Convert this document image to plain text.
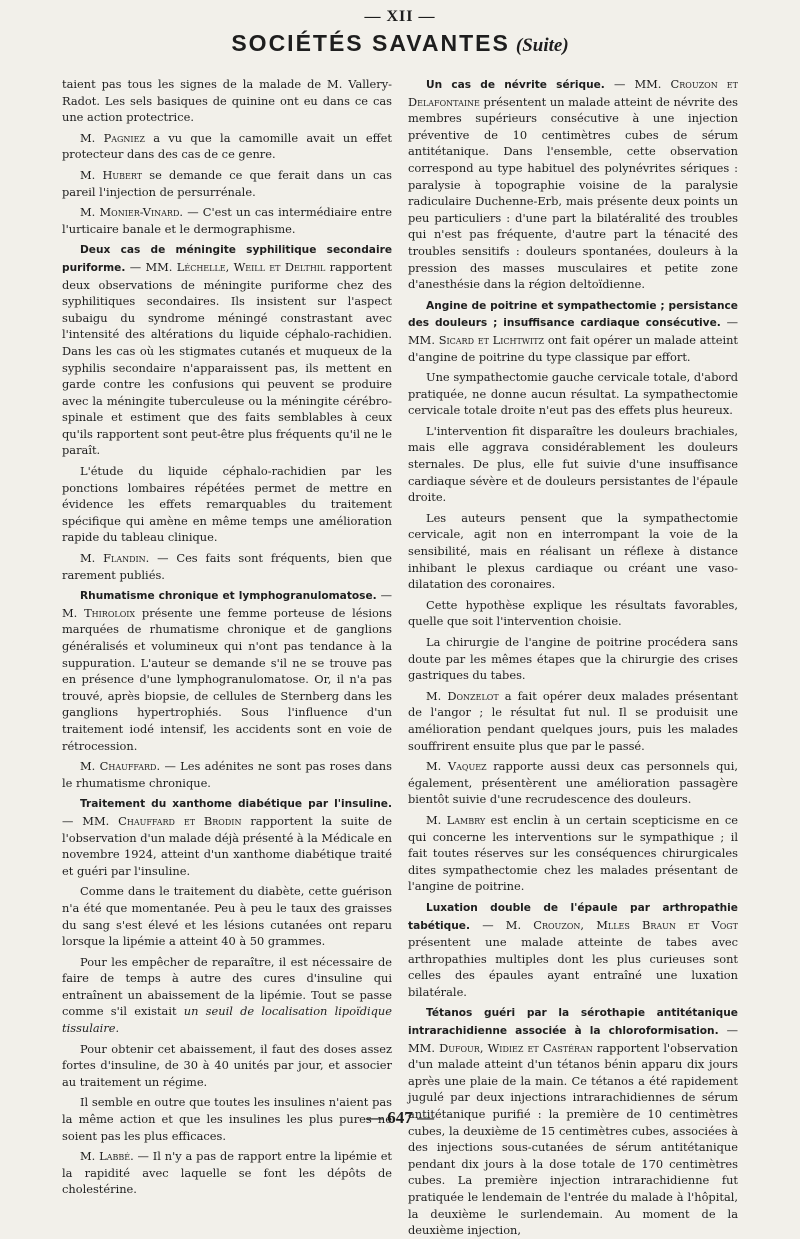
— XII —
SOCIÉTÉS SAVANTES (Suite)

taient pas tous les signes de la malade de M. Vallery-Radot. Les sels basiques de quinine ont eu dans ce cas une action protectrice.

M. Pagniez a vu que la camomille avait un effet protecteur dans des cas de ce genre.

M. Hubert se demande ce que ferait dans un cas pareil l'injection de persurrénale.

M. Monier-Vinard. — C'est un cas intermédiaire entre l'urticaire banale et le dermographisme.

Deux cas de méningite syphilitique secondaire puriforme. — MM. Léchelle, Weill et Delthil rapportent deux observations de méningite puriforme chez des syphilitiques secondaires. Ils insistent sur l'aspect subaigu du syndrome méningé constrastant avec l'intensité des altérations du liquide céphalo-rachidien. Dans les cas où les stigmates cutanés et muqueux de la syphilis secondaire n'apparaissent pas, ils mettent en garde contre les confusions qui peuvent se produire avec la méningite tuberculeuse ou la méningite cérébro-spinale et estiment que des faits semblables à ceux qu'ils rapportent sont peut-être plus fréquents qu'il ne le paraît.

L'étude du liquide céphalo-rachidien par les ponctions lombaires répétées permet de mettre en évidence les effets remarquables du traitement spécifique qui amène en même temps une amélioration rapide du tableau clinique.

M. Flandin. — Ces faits sont fréquents, bien que rarement publiés.

Rhumatisme chronique et lymphogranulomatose. — M. Thiroloix présente une femme porteuse de lésions marquées de rhumatisme chronique et de ganglions généralisés et volumineux qui n'ont pas tendance à la suppuration. L'auteur se demande s'il ne se trouve pas en présence d'une lymphogranulomatose. Or, il n'a pas trouvé, après biopsie, de cellules de Sternberg dans les ganglions hypertrophiés. Sous l'influence d'un traitement iodé intensif, les accidents sont en voie de rétrocession.

M. Chauffard. — Les adénites ne sont pas roses dans le rhumatisme chronique.

Traitement du xanthome diabétique par l'insuline. — MM. Chauffard et Brodin rapportent la suite de l'observation d'un malade déjà présenté à la Médicale en novembre 1924, atteint d'un xanthome diabétique traité et guéri par l'insuline.

Comme dans le traitement du diabète, cette guérison n'a été que momentanée. Peu à peu le taux des graisses du sang s'est élevé et les lésions cutanées ont reparu lorsque la lipémie a atteint 40 à 50 grammes.

Pour les empêcher de reparaître, il est nécessaire de faire de temps à autre des cures d'insuline qui entraînent un abaissement de la lipémie. Tout se passe comme s'il existait un seuil de localisation lipoïdique tissulaire.

Pour obtenir cet abaissement, il faut des doses assez fortes d'insuline, de 30 à 40 unités par jour, et associer au traitement un régime.

Il semble en outre que toutes les insulines n'aient pas la même action et que les insulines les plus pures ne soient pas les plus efficaces.

M. Labbé. — Il n'y a pas de rapport entre la lipémie et la rapidité avec laquelle se font les dépôts de cholestérine.

Un cas de névrite sérique. — MM. Crouzon et Delafontaine présentent un malade atteint de névrite des membres supérieurs consécutive à une injection préventive de 10 centimètres cubes de sérum antitétanique. Dans l'ensemble, cette observation correspond au type habituel des polynévrites sériques : paralysie à topographie voisine de la paralysie radiculaire Duchenne-Erb, mais présente deux points un peu particuliers : d'une part la bilatéralité des troubles qui n'est pas fréquente, d'autre part la ténacité des troubles sensitifs : douleurs spontanées, douleurs à la pression des masses musculaires et petite zone d'anesthésie dans la région deltoïdienne.

Angine de poitrine et sympathectomie ; persistance des douleurs ; insuffisance cardiaque consécutive. — MM. Sicard et Lichtwitz ont fait opérer un malade atteint d'angine de poitrine du type classique par effort.

Une sympathectomie gauche cervicale totale, d'abord pratiquée, ne donne aucun résultat. La sympathectomie cervicale totale droite n'eut pas des effets plus heureux.

L'intervention fit disparaître les douleurs brachiales, mais elle aggrava considérablement les douleurs sternales. De plus, elle fut suivie d'une insuffisance cardiaque sévère et de douleurs persistantes de l'épaule droite.

Les auteurs pensent que la sympathectomie cervicale, agit non en interrompant la voie de la sensibilité, mais en réalisant un réflexe à distance inhibant le plexus cardiaque ou créant une vaso-dilatation des coronaires.

Cette hypothèse explique les résultats favorables, quelle que soit l'intervention choisie.

La chirurgie de l'angine de poitrine procédera sans doute par les mêmes étapes que la chirurgie des crises gastriques du tabes.

M. Donzelot a fait opérer deux malades présentant de l'angor ; le résultat fut nul. Il se produisit une amélioration pendant quelques jours, puis les malades souffrirent ensuite plus que par le passé.

M. Vaquez rapporte aussi deux cas personnels qui, également, présentèrent une amélioration passagère bientôt suivie d'une recrudescence des douleurs.

M. Lambry est enclin à un certain scepticisme en ce qui concerne les interventions sur le sympathique ; il fait toutes réserves sur les conséquences chirurgicales dites sympathectomie chez les malades présentant de l'angine de poitrine.

Luxation double de l'épaule par arthropathie tabétique. — M. Crouzon, Mlles Braun et Vogt présentent une malade atteinte de tabes avec arthropathies multiples dont les plus curieuses sont celles des épaules ayant entraîné une luxation bilatérale.

Tétanos guéri par la sérothapie antitétanique intrarachidienne associée à la chloroformisation. — MM. Dufour, Widiez et Castéran rapportent l'observation d'un malade atteint d'un tétanos bénin apparu dix jours après une plaie de la main. Ce tétanos a été rapidement jugulé par deux injections intrarachidiennes de sérum antitétanique purifié : la première de 10 centimètres cubes, la deuxième de 15 centimètres cubes, associées à des injections sous-cutanées de sérum antitétanique pendant dix jours à la dose totale de 170 centimètres cubes. La première injection intrarachidienne fut pratiquée le lendemain de l'entrée du malade à l'hôpital, la deuxième le surlendemain. Au moment de la deuxième injection,

— 647 —
